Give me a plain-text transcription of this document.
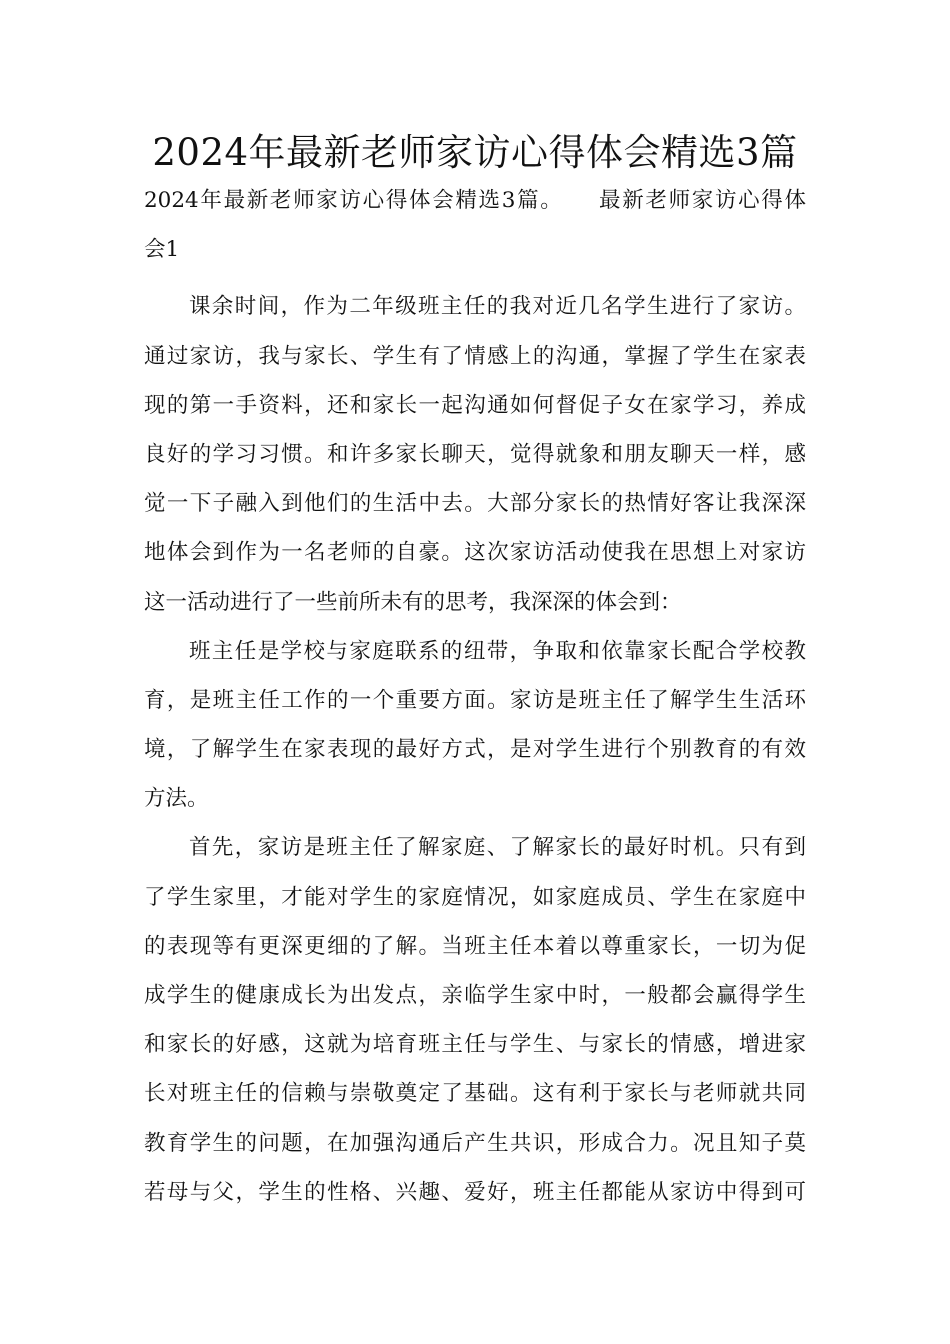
2024年最新老师家访心得体会精选3篇
2024年最新老师家访心得体会精选3篇。　　最新老师家访心得体
会1
课余时间，作为二年级班主任的我对近几名学生进行了家访。
通过家访，我与家长、学生有了情感上的沟通，掌握了学生在家表
现的第一手资料，还和家长一起沟通如何督促子女在家学习，养成
良好的学习习惯。和许多家长聊天，觉得就象和朋友聊天一样，感
觉一下子融入到他们的生活中去。大部分家长的热情好客让我深深
地体会到作为一名老师的自豪。这次家访活动使我在思想上对家访
这一活动进行了一些前所未有的思考，我深深的体会到：
班主任是学校与家庭联系的纽带，争取和依靠家长配合学校教
育，是班主任工作的一个重要方面。家访是班主任了解学生生活环
境，了解学生在家表现的最好方式，是对学生进行个别教育的有效
方法。
首先，家访是班主任了解家庭、了解家长的最好时机。只有到
了学生家里，才能对学生的家庭情况，如家庭成员、学生在家庭中
的表现等有更深更细的了解。当班主任本着以尊重家长，一切为促
成学生的健康成长为出发点，亲临学生家中时，一般都会赢得学生
和家长的好感，这就为培育班主任与学生、与家长的情感，增进家
长对班主任的信赖与崇敬奠定了基础。这有利于家长与老师就共同
教育学生的问题，在加强沟通后产生共识，形成合力。况且知子莫
若母与父，学生的性格、兴趣、爱好，班主任都能从家访中得到可
